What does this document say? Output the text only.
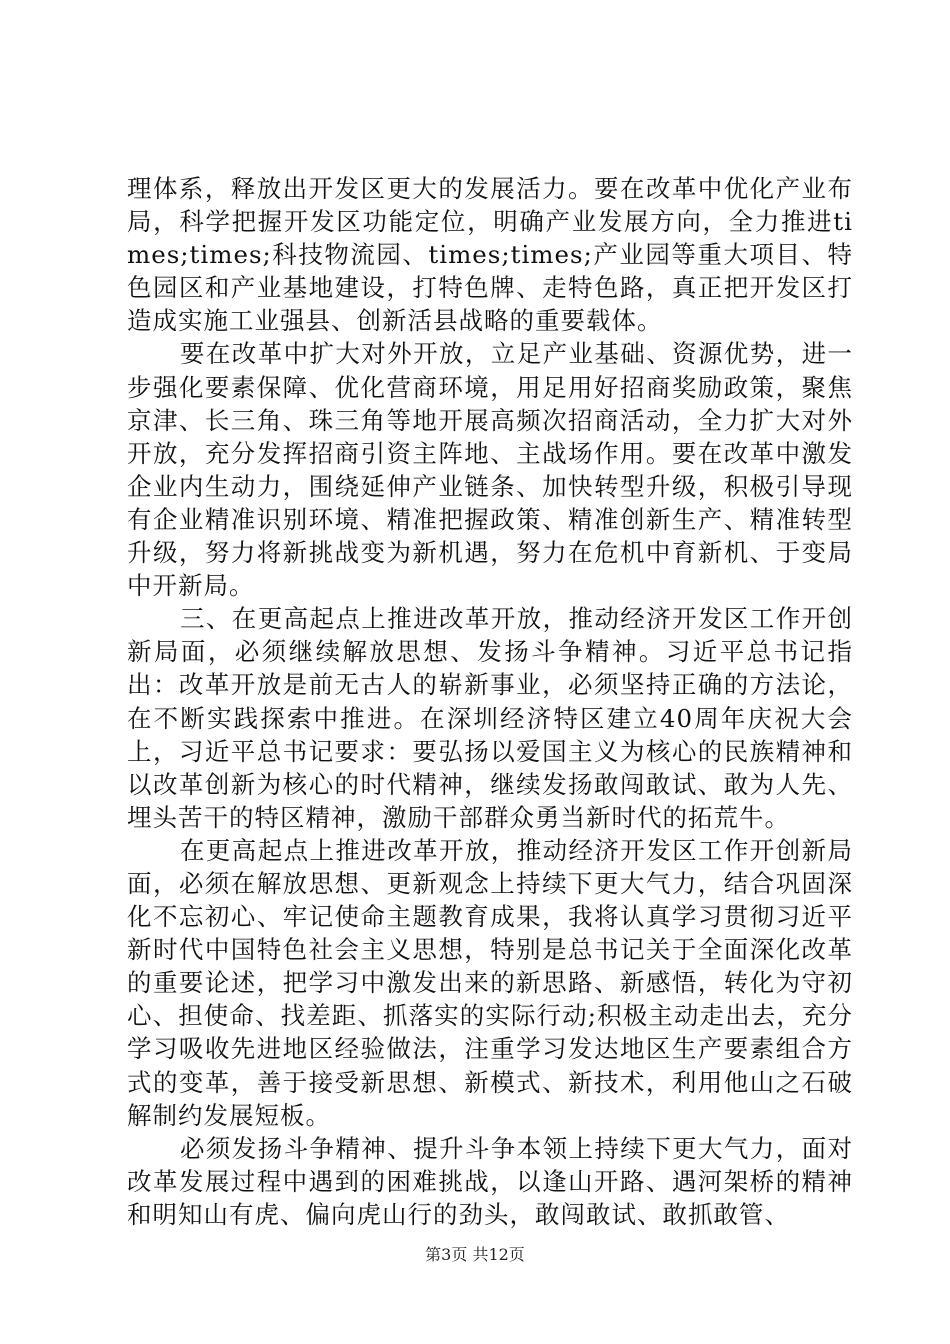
理体系，释放出开发区更大的发展活力。要在改革中优化产业布局，科学把握开发区功能定位，明确产业发展方向，全力推进times;times;科技物流园、times;times;产业园等重大项目、特色园区和产业基地建设，打特色牌、走特色路，真正把开发区打造成实施工业强县、创新活县战略的重要载体。

要在改革中扩大对外开放，立足产业基础、资源优势，进一步强化要素保障、优化营商环境，用足用好招商奖励政策，聚焦京津、长三角、珠三角等地开展高频次招商活动，全力扩大对外开放，充分发挥招商引资主阵地、主战场作用。要在改革中激发企业内生动力，围绕延伸产业链条、加快转型升级，积极引导现有企业精准识别环境、精准把握政策、精准创新生产、精准转型升级，努力将新挑战变为新机遇，努力在危机中育新机、于变局中开新局。

三、在更高起点上推进改革开放，推动经济开发区工作开创新局面，必须继续解放思想、发扬斗争精神。习近平总书记指出：改革开放是前无古人的崭新事业，必须坚持正确的方法论，在不断实践探索中推进。在深圳经济特区建立40周年庆祝大会上，习近平总书记要求：要弘扬以爱国主义为核心的民族精神和以改革创新为核心的时代精神，继续发扬敢闯敢试、敢为人先、埋头苦干的特区精神，激励干部群众勇当新时代的拓荒牛。

在更高起点上推进改革开放，推动经济开发区工作开创新局面，必须在解放思想、更新观念上持续下更大气力，结合巩固深化不忘初心、牢记使命主题教育成果，我将认真学习贯彻习近平新时代中国特色社会主义思想，特别是总书记关于全面深化改革的重要论述，把学习中激发出来的新思路、新感悟，转化为守初心、担使命、找差距、抓落实的实际行动;积极主动走出去，充分学习吸收先进地区经验做法，注重学习发达地区生产要素组合方式的变革，善于接受新思想、新模式、新技术，利用他山之石破解制约发展短板。

必须发扬斗争精神、提升斗争本领上持续下更大气力，面对改革发展过程中遇到的困难挑战，以逢山开路、遇河架桥的精神和明知山有虎、偏向虎山行的劲头，敢闯敢试、敢抓敢管、

第3页 共12页
